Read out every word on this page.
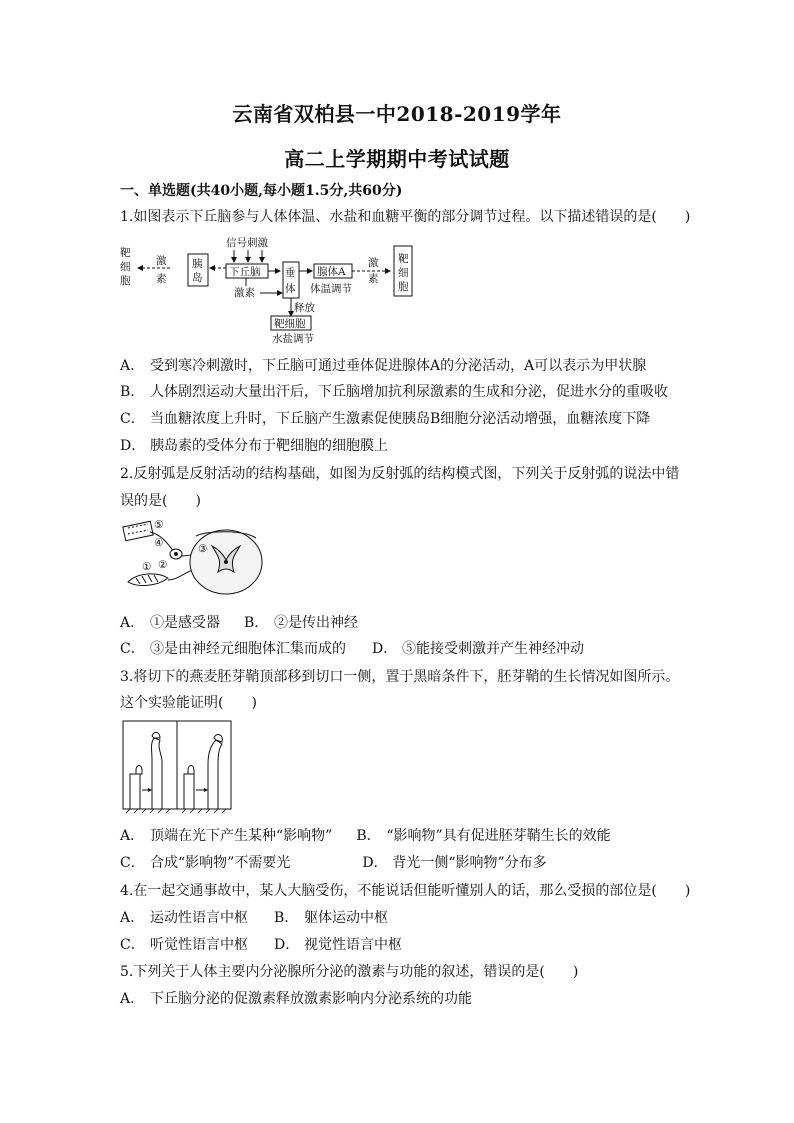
云南省双柏县一中2018-2019学年
高二上学期期中考试试题
一、单选题(共40小题,每小题1.5分,共60分)
1.如图表示下丘脑参与人体体温、水盐和血糖平衡的部分调节过程。以下描述错误的是(　　)
靶细胞
激
素
胰
岛
信号刺激
下丘脑
激素
垂
体
腺体A
体温调节
激
素
靶
细
胞
释放
靶细胞
水盐调节
A． 受到寒冷刺激时，下丘脑可通过垂体促进腺体A的分泌活动，A可以表示为甲状腺
B． 人体剧烈运动大量出汗后，下丘脑增加抗利尿激素的生成和分泌，促进水分的重吸收
C． 当血糖浓度上升时，下丘脑产生激素促使胰岛B细胞分泌活动增强，血糖浓度下降
D． 胰岛素的受体分布于靶细胞的细胞膜上
2.反射弧是反射活动的结构基础，如图为反射弧的结构模式图，下列关于反射弧的说法中错
误的是(　　)
⑤
④	③
②
①
A． ①是感受器 B． ②是传出神经
C． ③是由神经元细胞体汇集而成的 D． ⑤能接受刺激并产生神经冲动
3.将切下的燕麦胚芽鞘顶部移到切口一侧，置于黑暗条件下，胚芽鞘的生长情况如图所示。
这个实验能证明(　　)
A． 顶端在光下产生某种“影响物” B． “影响物”具有促进胚芽鞘生长的效能
C． 合成“影响物”不需要光	D． 背光一侧“影响物”分布多
4.在一起交通事故中，某人大脑受伤，不能说话但能听懂别人的话，那么受损的部位是(　　)
A． 运动性语言中枢 B． 躯体运动中枢
C． 听觉性语言中枢 D． 视觉性语言中枢
5.下列关于人体主要内分泌腺所分泌的激素与功能的叙述，错误的是(　　)
A． 下丘脑分泌的促激素释放激素影响内分泌系统的功能
